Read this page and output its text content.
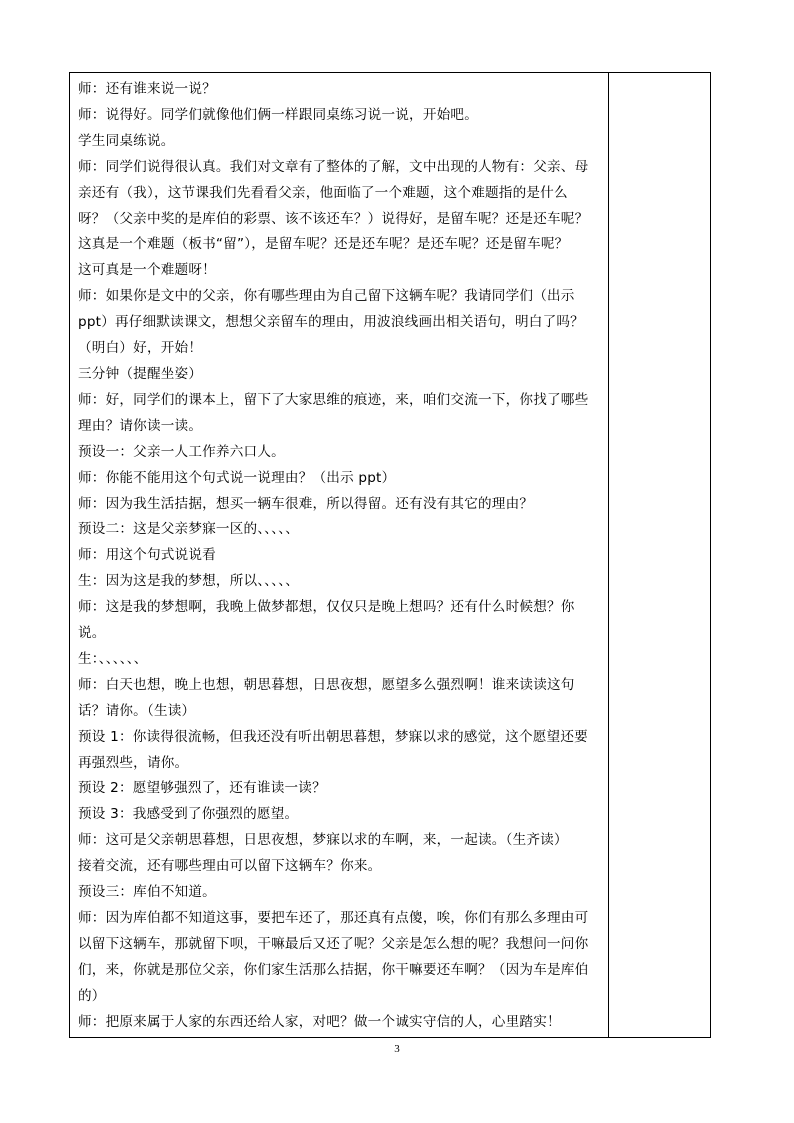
师：还有谁来说一说？
师：说得好。同学们就像他们俩一样跟同桌练习说一说，开始吧。
学生同桌练说。
师：同学们说得很认真。我们对文章有了整体的了解，文中出现的人物有：父亲、母
亲还有（我），这节课我们先看看父亲，他面临了一个难题，这个难题指的是什么
呀？（父亲中奖的是库伯的彩票、该不该还车？）说得好，是留车呢？还是还车呢？
这真是一个难题（板书“留”），是留车呢？还是还车呢？是还车呢？还是留车呢？
这可真是一个难题呀！
师：如果你是文中的父亲，你有哪些理由为自己留下这辆车呢？我请同学们（出示
ppt）再仔细默读课文，想想父亲留车的理由，用波浪线画出相关语句，明白了吗？
（明白）好，开始！
三分钟（提醒坐姿）
师：好，同学们的课本上，留下了大家思维的痕迹，来，咱们交流一下，你找了哪些
理由？请你读一读。
预设一：父亲一人工作养六口人。
师：你能不能用这个句式说一说理由？（出示 ppt）
师：因为我生活拮据，想买一辆车很难，所以得留。还有没有其它的理由？
预设二：这是父亲梦寐一区的、、、、、
师：用这个句式说说看
生：因为这是我的梦想，所以、、、、、
师：这是我的梦想啊，我晚上做梦都想，仅仅只是晚上想吗？还有什么时候想？你
说。
生：、、、、、、
师：白天也想，晚上也想，朝思暮想，日思夜想，愿望多么强烈啊！谁来读读这句
话？请你。（生读）
预设 1：你读得很流畅，但我还没有听出朝思暮想，梦寐以求的感觉，这个愿望还要
再强烈些，请你。
预设 2：愿望够强烈了，还有谁读一读？
预设 3：我感受到了你强烈的愿望。
师：这可是父亲朝思暮想，日思夜想，梦寐以求的车啊，来，一起读。（生齐读）
接着交流，还有哪些理由可以留下这辆车？你来。
预设三：库伯不知道。
师：因为库伯都不知道这事，要把车还了，那还真有点傻，唉，你们有那么多理由可
以留下这辆车，那就留下呗，干嘛最后又还了呢？父亲是怎么想的呢？我想问一问你
们，来，你就是那位父亲，你们家生活那么拮据，你干嘛要还车啊？（因为车是库伯
的）
师：把原来属于人家的东西还给人家，对吧？做一个诚实守信的人，心里踏实！
3
